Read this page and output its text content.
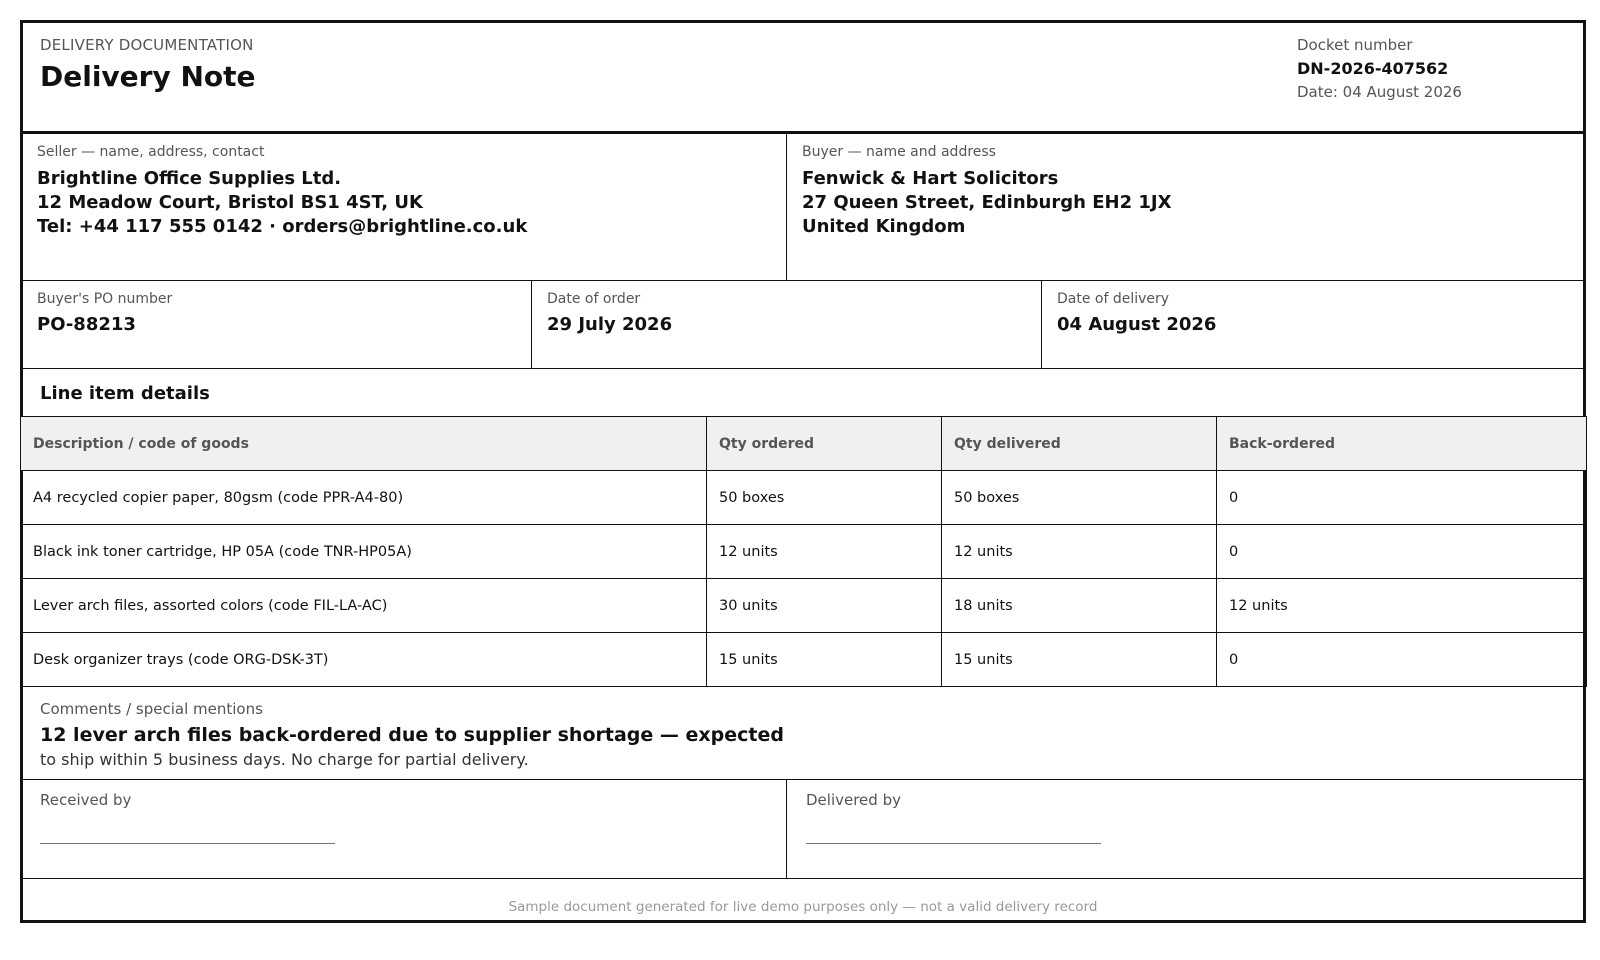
DELIVERY DOCUMENTATION
Delivery Note
Docket number
DN-2026-407562
Date: 04 August 2026
Seller — name, address, contact
Brightline Office Supplies Ltd.
12 Meadow Court, Bristol BS1 4ST, UK
Tel: +44 117 555 0142 · orders@brightline.co.uk
Buyer — name and address
Fenwick & Hart Solicitors
27 Queen Street, Edinburgh EH2 1JX
United Kingdom
Buyer's PO number
PO-88213
Date of order
29 July 2026
Date of delivery
04 August 2026
Line item details
Description / code of goods	Qty ordered	Qty delivered	Back-ordered
A4 recycled copier paper, 80gsm (code PPR-A4-80)	50 boxes	50 boxes	0
Black ink toner cartridge, HP 05A (code TNR-HP05A)	12 units	12 units	0
Lever arch files, assorted colors (code FIL-LA-AC)	30 units	18 units	12 units
Desk organizer trays (code ORG-DSK-3T)	15 units	15 units	0
Comments / special mentions
12 lever arch files back-ordered due to supplier shortage — expected
to ship within 5 business days. No charge for partial delivery.
Received by	Delivered by
Sample document generated for live demo purposes only — not a valid delivery record
